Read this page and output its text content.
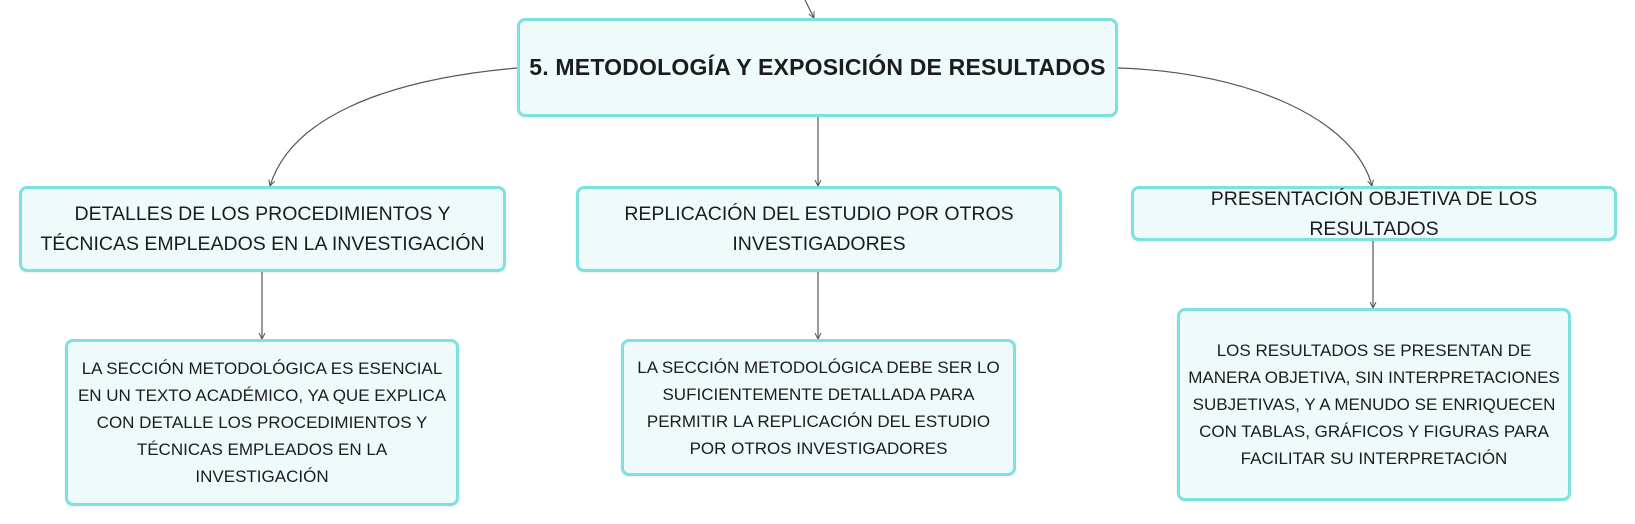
5. METODOLOGÍA Y EXPOSICIÓN DE RESULTADOS
DETALLES DE LOS PROCEDIMIENTOS Y TÉCNICAS EMPLEADOS EN LA INVESTIGACIÓN
REPLICACIÓN DEL ESTUDIO POR OTROS INVESTIGADORES
PRESENTACIÓN OBJETIVA DE LOS RESULTADOS
LA SECCIÓN METODOLÓGICA ES ESENCIAL EN UN TEXTO ACADÉMICO, YA QUE EXPLICA CON DETALLE LOS PROCEDIMIENTOS Y TÉCNICAS EMPLEADOS EN LA INVESTIGACIÓN
LA SECCIÓN METODOLÓGICA DEBE SER LO SUFICIENTEMENTE DETALLADA PARA PERMITIR LA REPLICACIÓN DEL ESTUDIO POR OTROS INVESTIGADORES
LOS RESULTADOS SE PRESENTAN DE MANERA OBJETIVA, SIN INTERPRETACIONES SUBJETIVAS, Y A MENUDO SE ENRIQUECEN CON TABLAS, GRÁFICOS Y FIGURAS PARA FACILITAR SU INTERPRETACIÓN
